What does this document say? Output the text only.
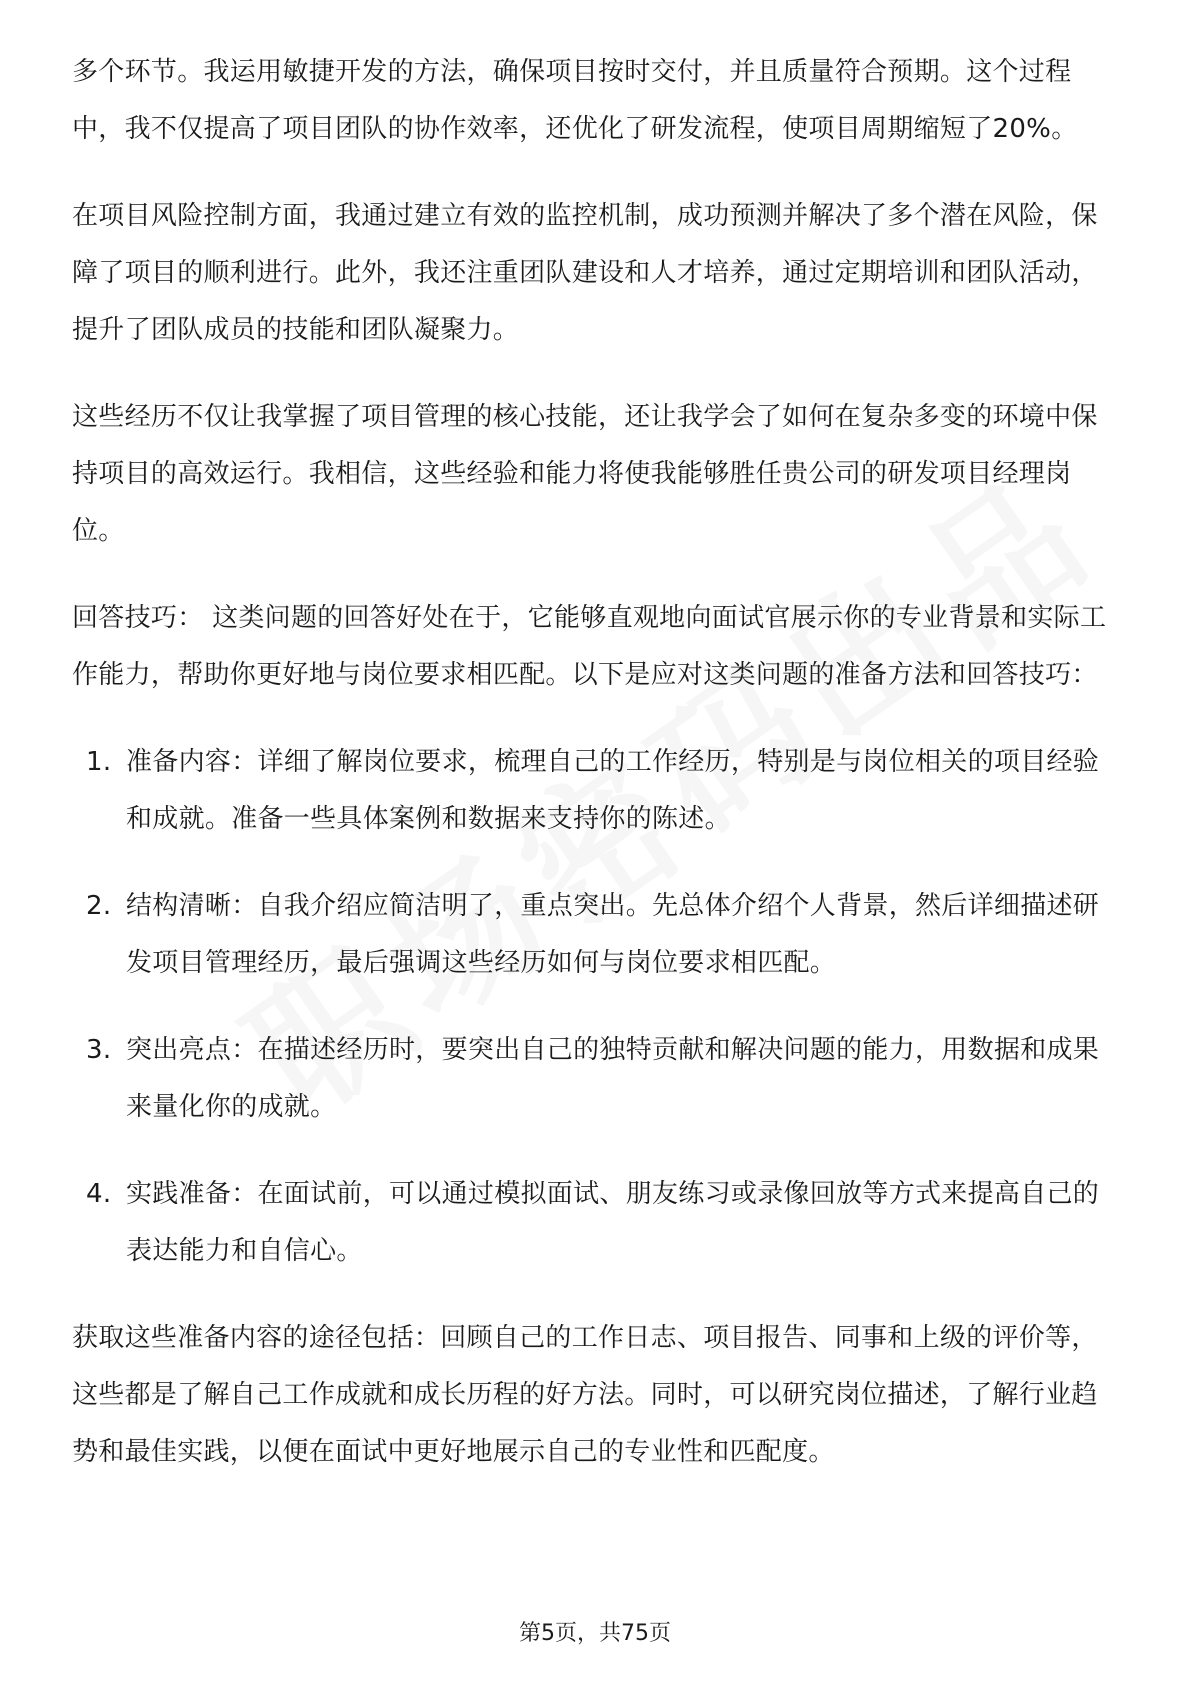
多个环节。我运用敏捷开发的方法，确保项目按时交付，并且质量符合预期。这个过程中，我不仅提高了项目团队的协作效率，还优化了研发流程，使项目周期缩短了20%。

在项目风险控制方面，我通过建立有效的监控机制，成功预测并解决了多个潜在风险，保障了项目的顺利进行。此外，我还注重团队建设和人才培养，通过定期培训和团队活动，提升了团队成员的技能和团队凝聚力。

这些经历不仅让我掌握了项目管理的核心技能，还让我学会了如何在复杂多变的环境中保持项目的高效运行。我相信，这些经验和能力将使我能够胜任贵公司的研发项目经理岗位。

回答技巧： 这类问题的回答好处在于，它能够直观地向面试官展示你的专业背景和实际工作能力，帮助你更好地与岗位要求相匹配。以下是应对这类问题的准备方法和回答技巧：

1. 准备内容：详细了解岗位要求，梳理自己的工作经历，特别是与岗位相关的项目经验和成就。准备一些具体案例和数据来支持你的陈述。
2. 结构清晰：自我介绍应简洁明了，重点突出。先总体介绍个人背景，然后详细描述研发项目管理经历，最后强调这些经历如何与岗位要求相匹配。
3. 突出亮点：在描述经历时，要突出自己的独特贡献和解决问题的能力，用数据和成果来量化你的成就。
4. 实践准备：在面试前，可以通过模拟面试、朋友练习或录像回放等方式来提高自己的表达能力和自信心。

获取这些准备内容的途径包括：回顾自己的工作日志、项目报告、同事和上级的评价等，这些都是了解自己工作成就和成长历程的好方法。同时，可以研究岗位描述，了解行业趋势和最佳实践，以便在面试中更好地展示自己的专业性和匹配度。

第5页，共75页
